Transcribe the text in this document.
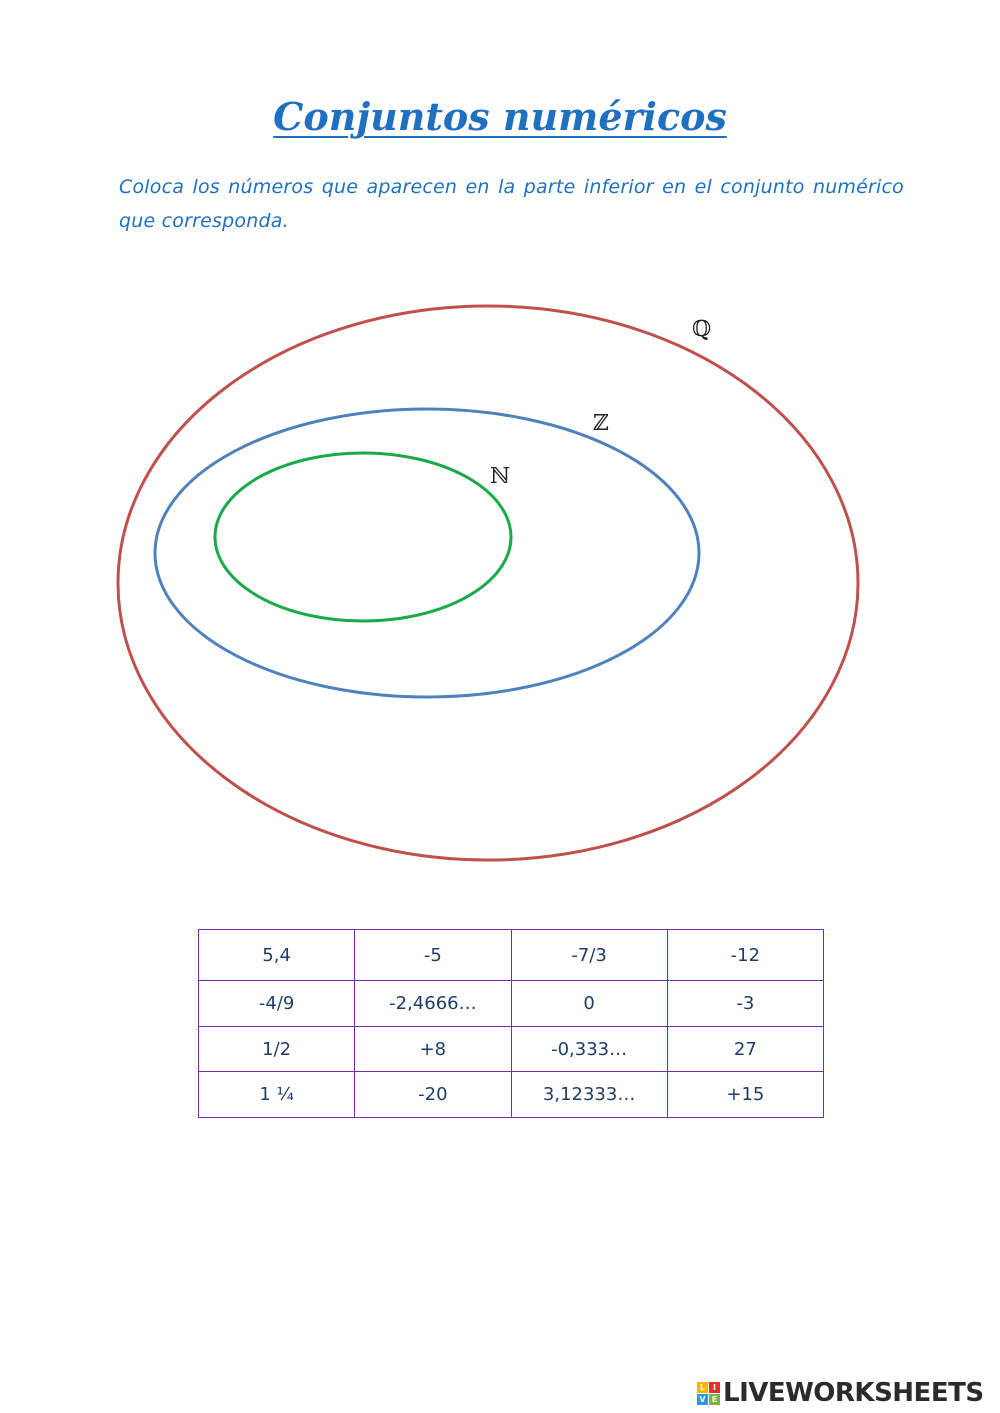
Conjuntos numéricos
Coloca los números que aparecen en la parte inferior en el conjunto numérico que corresponda.
ℚ
ℤ
ℕ
5,4	-5	-7/3	-12
-4/9	-2,4666…	0	-3
1/2	+8	-0,333…	27
1 ¼	-20	3,12333…	+15
L I
V E LIVEWORKSHEETS
